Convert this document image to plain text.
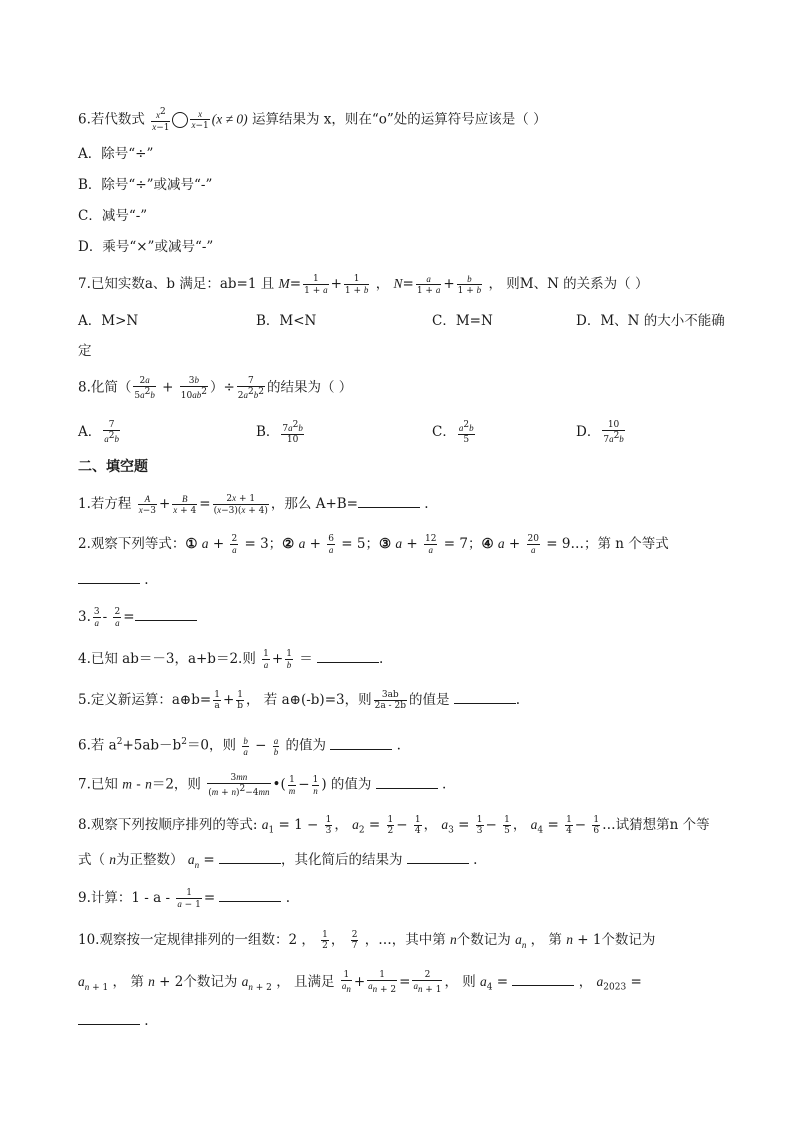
6.若代数式 $\frac{x^2}{x-1} \frac{x}{x-1} (x \ne 0)$ 运算结果为 x，则在“o”处的运算符号应该是（ ）
A．除号“÷”
B．除号“÷”或减号“-”
C．减号“-”
D．乘号“×”或减号“-”
7.已知实数a、b 满足：ab=1 且 $M= \frac{1}{1 + a} + \frac{1}{1 + b}$ ， $N= \frac{a}{1 + a} + \frac{b}{1 + b}$ ， 则M、N 的关系为（ ）
A．M>N	B．M<N	C．M=N	D．M、N 的大小不能确
定
8.化简（ $\frac{2a}{5a^2b} + \frac{3b}{10ab^2}$ ）÷ $\frac{7}{2a^2b^2}$ 的结果为（ ）
A． $\frac{7}{a^2b}$	B． $\frac{7a^2b}{10}$	C． $\frac{a^2b}{5}$	D． $\frac{10}{7a^2b}$
二、填空题
1.若方程 $\frac{A}{x-3} + \frac{B}{x + 4} = \frac{2x + 1}{(x-3)(x + 4)}$ ，那么 A+B=	.
2.观察下列等式：① $a + \frac{2}{a} = 3$；② $a + \frac{6}{a} = 5$；③ $a + \frac{12}{a} = 7$；④ $a + \frac{20}{a}$ = 9…；第 n 个等式
.
3. $\frac{3}{a} - \frac{2}{a}$ =
4.已知 ab＝－3，a+b＝2.则 $\frac{1}{a} + \frac{1}{b}$ ＝	.
5.定义新运算：a⊕b= $\frac{1}{a} + \frac{1}{b}$ ， 若 a⊕(-b)=3，则 $\frac{3ab}{2a - 2b}$ 的值是	.
6.若 $a^2+5ab-b^2=0$，则 $\frac{b}{a} - \frac{a}{b}$ 的值为	.
7.已知 m - n＝2，则 $\frac{3mn}{(m + n)^2-4mn}$ •( $\frac{1}{m} - \frac{1}{n}$ ) 的值为	.
8.观察下列按顺序排列的等式: $a_1 = 1 - \frac{1}{3}$ ， $a_2 = \frac{1}{2} - \frac{1}{4}$ ， $a_3 = \frac{1}{3} - \frac{1}{5}$ ， $a_4 = \frac{1}{4} - \frac{1}{6}$ …试猜想第n 个等
式（ n为正整数） $a_n$ =	，其化简后的结果为	.
9.计算：1 - a - $\frac{1}{a - 1}$ =	.
10.观察按一定规律排列的一组数：2 ， $\frac{1}{2}$ ， $\frac{2}{7}$ ，…，其中第 n个数记为 $a_n$ ， 第 n + 1个数记为
$a_{n + 1}$ ， 第 n + 2个数记为 $a_{n + 2}$ ， 且满足 $\frac{1}{a_n} + \frac{1}{a_{n + 2}} = \frac{2}{a_{n + 1}}$ ， 则 $a_4$ =	， $a_{2023}$ =
.
